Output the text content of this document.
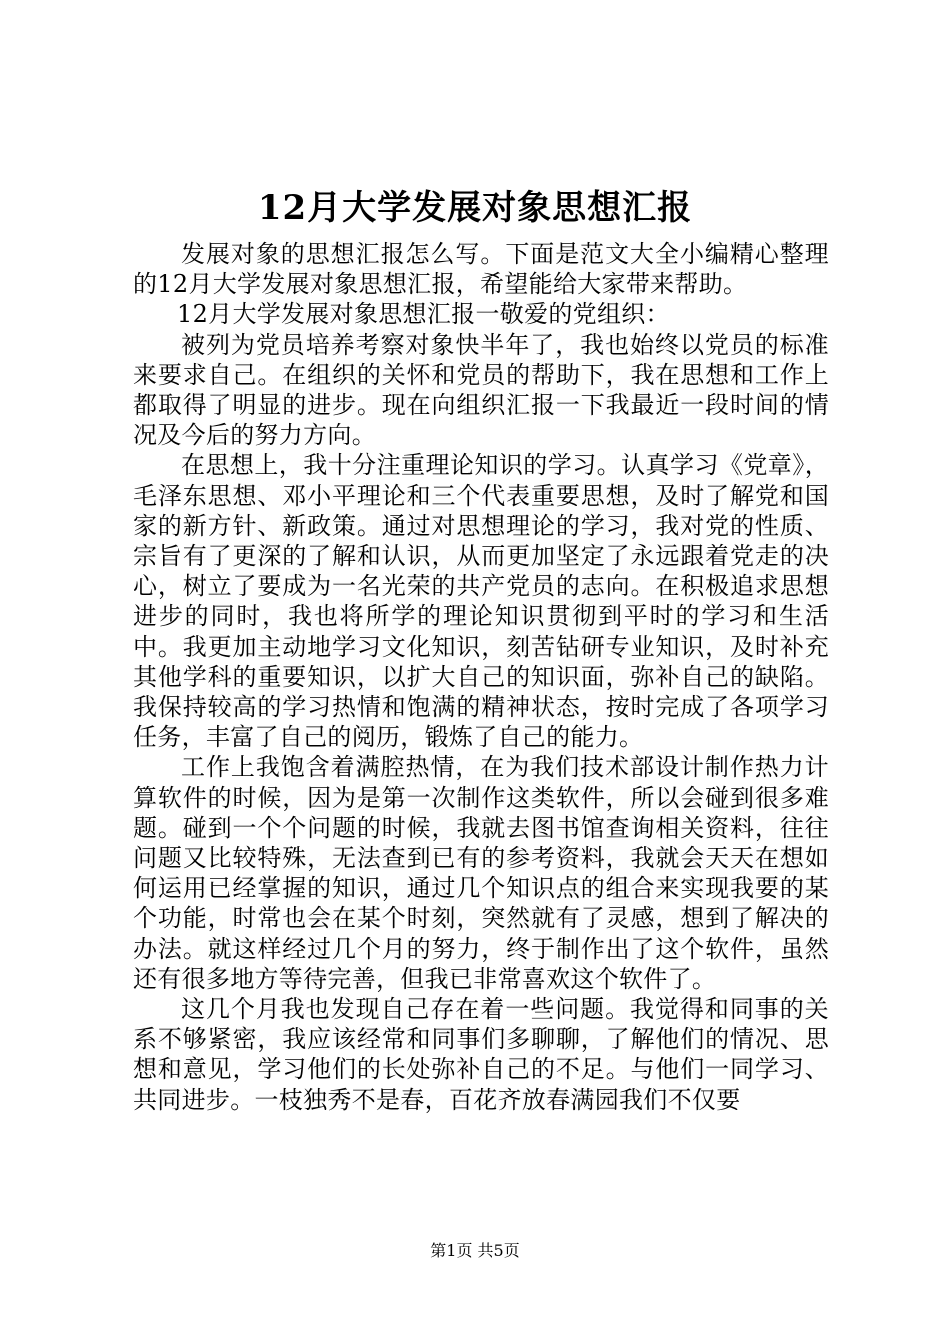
12月大学发展对象思想汇报

发展对象的思想汇报怎么写。下面是范文大全小编精心整理的12月大学发展对象思想汇报，希望能给大家带来帮助。

12月大学发展对象思想汇报一敬爱的党组织：

被列为党员培养考察对象快半年了，我也始终以党员的标准来要求自己。在组织的关怀和党员的帮助下，我在思想和工作上都取得了明显的进步。现在向组织汇报一下我最近一段时间的情况及今后的努力方向。

在思想上，我十分注重理论知识的学习。认真学习《党章》，毛泽东思想、邓小平理论和三个代表重要思想，及时了解党和国家的新方针、新政策。通过对思想理论的学习，我对党的性质、宗旨有了更深的了解和认识，从而更加坚定了永远跟着党走的决心，树立了要成为一名光荣的共产党员的志向。在积极追求思想进步的同时，我也将所学的理论知识贯彻到平时的学习和生活中。我更加主动地学习文化知识，刻苦钻研专业知识，及时补充其他学科的重要知识，以扩大自己的知识面，弥补自己的缺陷。我保持较高的学习热情和饱满的精神状态，按时完成了各项学习任务，丰富了自己的阅历，锻炼了自己的能力。

工作上我饱含着满腔热情，在为我们技术部设计制作热力计算软件的时候，因为是第一次制作这类软件，所以会碰到很多难题。碰到一个个问题的时候，我就去图书馆查询相关资料，往往问题又比较特殊，无法查到已有的参考资料，我就会天天在想如何运用已经掌握的知识，通过几个知识点的组合来实现我要的某个功能，时常也会在某个时刻，突然就有了灵感，想到了解决的办法。就这样经过几个月的努力，终于制作出了这个软件，虽然还有很多地方等待完善，但我已非常喜欢这个软件了。

这几个月我也发现自己存在着一些问题。我觉得和同事的关系不够紧密，我应该经常和同事们多聊聊，了解他们的情况、思想和意见，学习他们的长处弥补自己的不足。与他们一同学习、共同进步。一枝独秀不是春，百花齐放春满园我们不仅要

第1页 共5页
